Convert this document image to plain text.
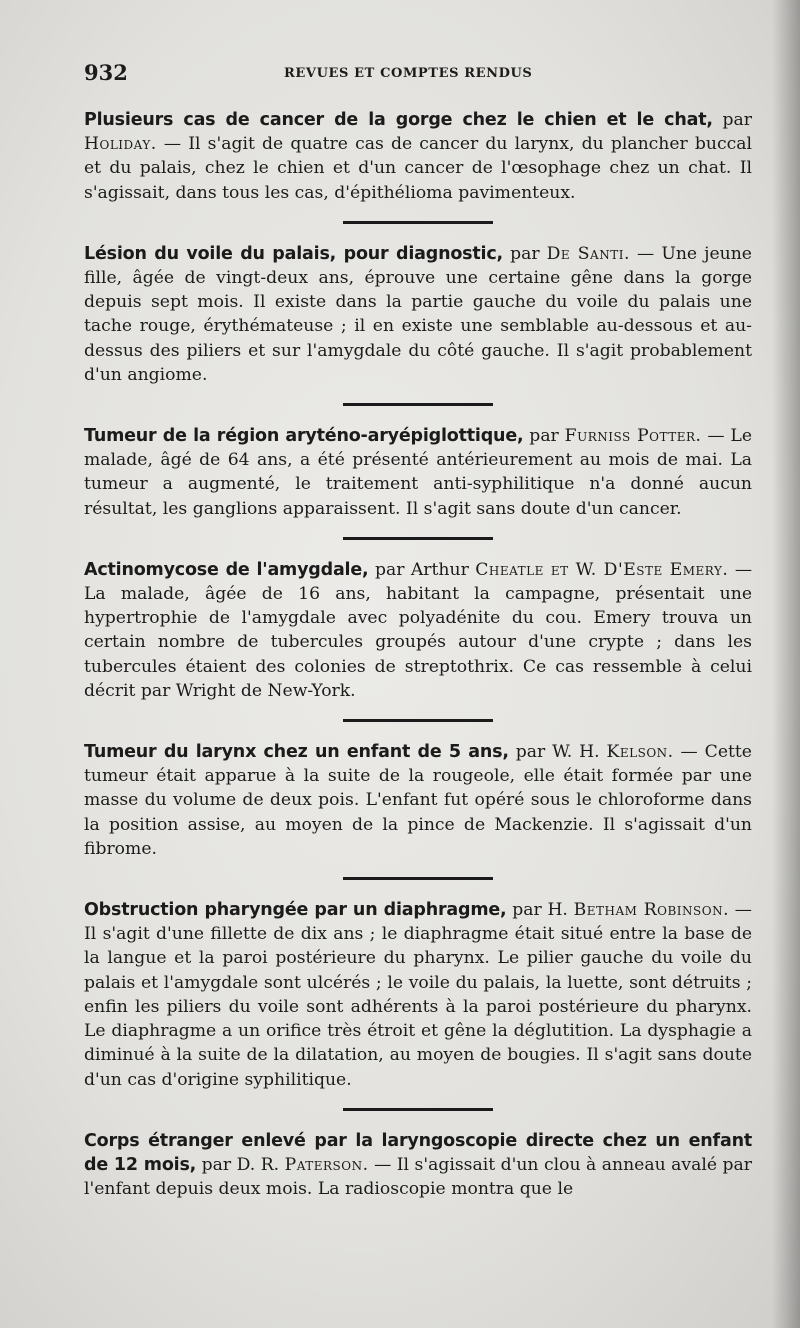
932	REVUES ET COMPTES RENDUS

Plusieurs cas de cancer de la gorge chez le chien et le chat, par Holiday. — Il s'agit de quatre cas de cancer du larynx, du plancher buccal et du palais, chez le chien et d'un cancer de l'œsophage chez un chat. Il s'agissait, dans tous les cas, d'épithélioma pavimenteux.

Lésion du voile du palais, pour diagnostic, par De Santi. — Une jeune fille, âgée de vingt-deux ans, éprouve une certaine gêne dans la gorge depuis sept mois. Il existe dans la partie gauche du voile du palais une tache rouge, érythémateuse ; il en existe une semblable au-dessous et au-dessus des piliers et sur l'amygdale du côté gauche. Il s'agit probablement d'un angiome.

Tumeur de la région aryténo-aryépiglottique, par Furniss Potter. — Le malade, âgé de 64 ans, a été présenté antérieurement au mois de mai. La tumeur a augmenté, le traitement anti-syphilitique n'a donné aucun résultat, les ganglions apparaissent. Il s'agit sans doute d'un cancer.

Actinomycose de l'amygdale, par Arthur Cheatle et W. D'Este Emery. — La malade, âgée de 16 ans, habitant la campagne, présentait une hypertrophie de l'amygdale avec polyadénite du cou. Emery trouva un certain nombre de tubercules groupés autour d'une crypte ; dans les tubercules étaient des colonies de streptothrix. Ce cas ressemble à celui décrit par Wright de New-York.

Tumeur du larynx chez un enfant de 5 ans, par W. H. Kelson. — Cette tumeur était apparue à la suite de la rougeole, elle était formée par une masse du volume de deux pois. L'enfant fut opéré sous le chloroforme dans la position assise, au moyen de la pince de Mackenzie. Il s'agissait d'un fibrome.

Obstruction pharyngée par un diaphragme, par H. Betham Robinson. — Il s'agit d'une fillette de dix ans ; le diaphragme était situé entre la base de la langue et la paroi postérieure du pharynx. Le pilier gauche du voile du palais et l'amygdale sont ulcérés ; le voile du palais, la luette, sont détruits ; enfin les piliers du voile sont adhérents à la paroi postérieure du pharynx. Le diaphragme a un orifice très étroit et gêne la déglutition. La dysphagie a diminué à la suite de la dilatation, au moyen de bougies. Il s'agit sans doute d'un cas d'origine syphilitique.

Corps étranger enlevé par la laryngoscopie directe chez un enfant de 12 mois, par D. R. Paterson. — Il s'agissait d'un clou à anneau avalé par l'enfant depuis deux mois. La radioscopie montra que le
